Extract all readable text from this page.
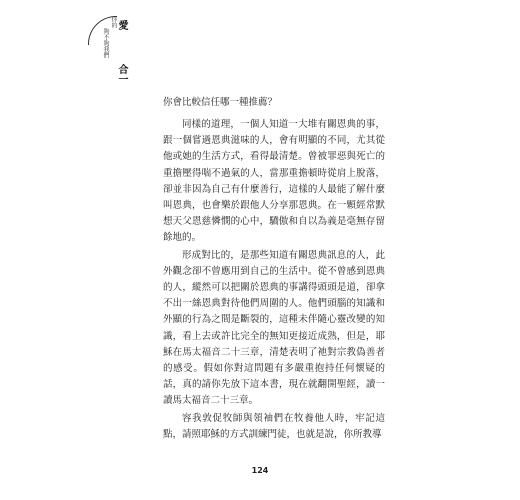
你的 愛
夠不夠我們
合一

你會比較信任哪一種推薦？

同樣的道理，一個人知道一大堆有關恩典的事，跟一個嘗過恩典滋味的人，會有明顯的不同，尤其從他或她的生活方式，看得最清楚。曾被罪惡與死亡的重擔壓得喘不過氣的人，當那重擔頓時從肩上脫落，卻並非因為自己有什麼善行，這樣的人最能了解什麼叫恩典，也會樂於跟他人分享那恩典。在一顆經常默想天父恩慈憐憫的心中，驕傲和自以為義是毫無存留餘地的。

形成對比的，是那些知道有關恩典訊息的人，此外觀念卻不曾應用到自己的生活中。從不曾感到恩典的人，縱然可以把關於恩典的事講得頭頭是道，卻拿不出一絲恩典對待他們周圍的人。他們頭腦的知識和外顯的行為之間是斷裂的，這種未伴隨心靈改變的知識，看上去或許比完全的無知更接近成熟，但是，耶穌在馬太福音二十三章，清楚表明了祂對宗教偽善者的感受。假如你對這問題有多嚴重抱持任何懷疑的話，真的請你先放下這本書，現在就翻開聖經，讀一讀馬太福音二十三章。

容我敦促牧師與領袖們在牧養他人時，牢記這點，請照耶穌的方式訓練門徒，也就是說，你所教導

124
